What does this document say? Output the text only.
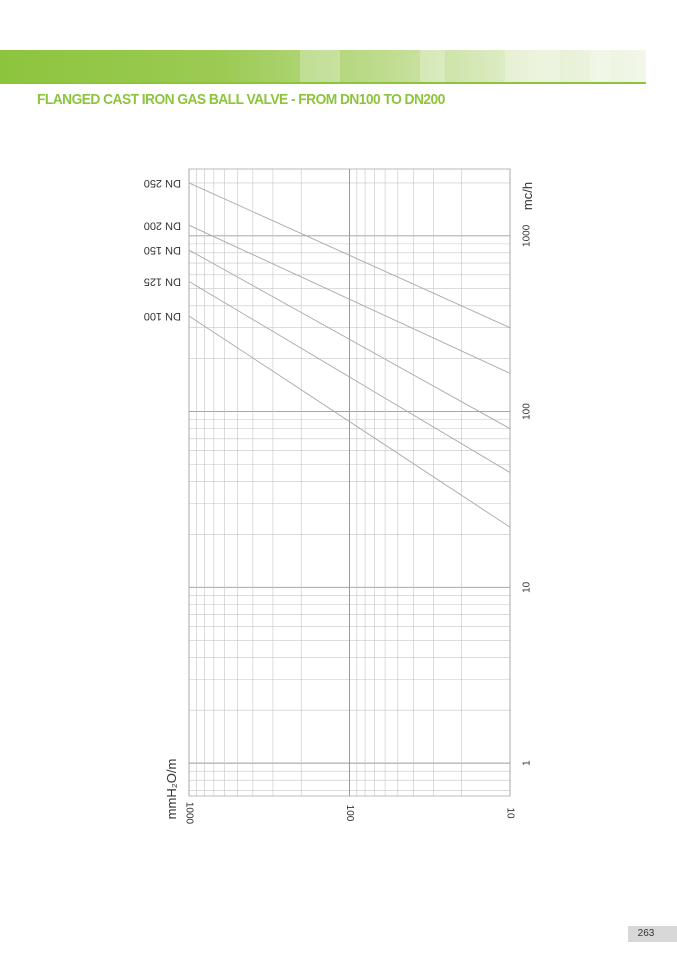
FLANGED CAST IRON GAS BALL VALVE - FROM DN100 TO DN200
DN 250
DN 200
DN 150
DN 125
DN 100
1
10
100
1000
1000	100	10
mc/h
mmH₂O/m
263
